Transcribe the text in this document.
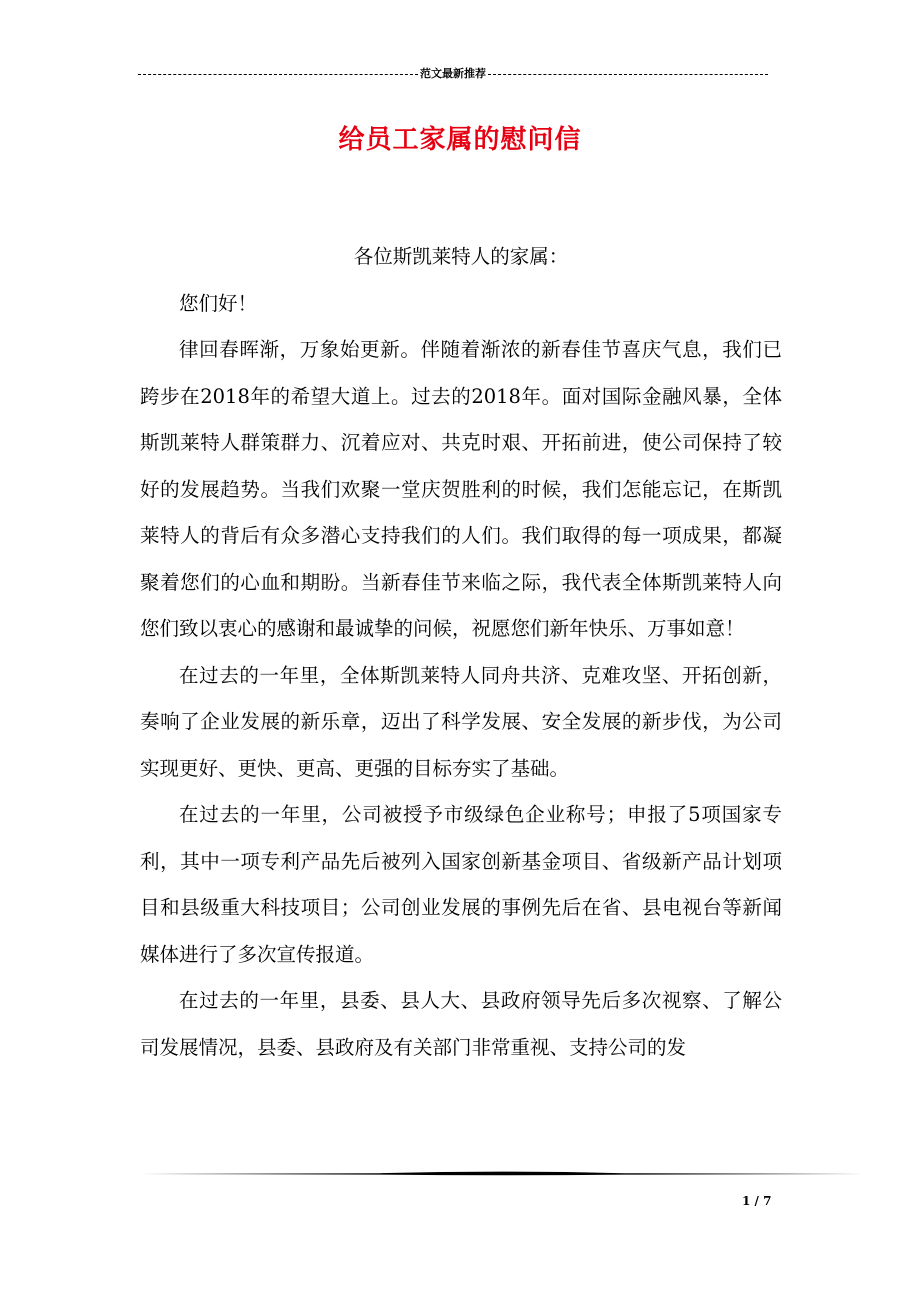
范文最新推荐
给员工家属的慰问信

各位斯凯莱特人的家属：

您们好！

律回春晖渐，万象始更新。伴随着渐浓的新春佳节喜庆气息，我们已跨步在2018年的希望大道上。过去的2018年。面对国际金融风暴，全体斯凯莱特人群策群力、沉着应对、共克时艰、开拓前进，使公司保持了较好的发展趋势。当我们欢聚一堂庆贺胜利的时候，我们怎能忘记，在斯凯莱特人的背后有众多潜心支持我们的人们。我们取得的每一项成果，都凝聚着您们的心血和期盼。当新春佳节来临之际，我代表全体斯凯莱特人向您们致以衷心的感谢和最诚挚的问候，祝愿您们新年快乐、万事如意！

在过去的一年里，全体斯凯莱特人同舟共济、克难攻坚、开拓创新，奏响了企业发展的新乐章，迈出了科学发展、安全发展的新步伐，为公司实现更好、更快、更高、更强的目标夯实了基础。

在过去的一年里，公司被授予市级绿色企业称号；申报了5项国家专利，其中一项专利产品先后被列入国家创新基金项目、省级新产品计划项目和县级重大科技项目；公司创业发展的事例先后在省、县电视台等新闻媒体进行了多次宣传报道。

在过去的一年里，县委、县人大、县政府领导先后多次视察、了解公司发展情况，县委、县政府及有关部门非常重视、支持公司的发

1 / 7
